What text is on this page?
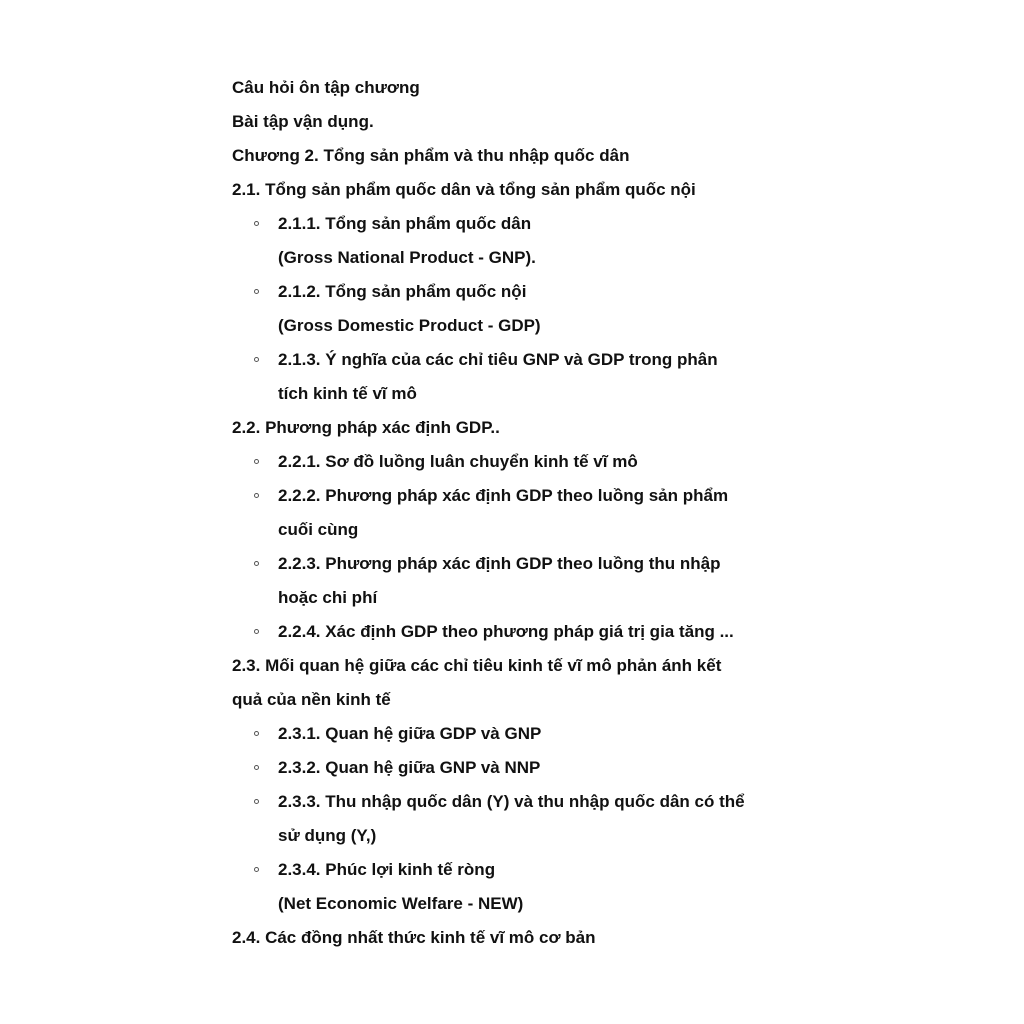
Câu hỏi ôn tập chương
Bài tập vận dụng.
Chương 2. Tổng sản phẩm và thu nhập quốc dân
2.1. Tổng sản phẩm quốc dân và tổng sản phẩm quốc nội
2.1.1. Tổng sản phẩm quốc dân
(Gross National Product - GNP).
2.1.2. Tổng sản phẩm quốc nội
(Gross Domestic Product - GDP)
2.1.3. Ý nghĩa của các chỉ tiêu GNP và GDP trong phân
tích kinh tế vĩ mô
2.2. Phương pháp xác định GDP..
2.2.1. Sơ đồ luồng luân chuyển kinh tế vĩ mô
2.2.2. Phương pháp xác định GDP theo luồng sản phẩm
cuối cùng
2.2.3. Phương pháp xác định GDP theo luồng thu nhập
hoặc chi phí
2.2.4. Xác định GDP theo phương pháp giá trị gia tăng ...
2.3. Mối quan hệ giữa các chỉ tiêu kinh tế vĩ mô phản ánh kết
quả của nền kinh tế
2.3.1. Quan hệ giữa GDP và GNP
2.3.2. Quan hệ giữa GNP và NNP
2.3.3. Thu nhập quốc dân (Y) và thu nhập quốc dân có thể
sử dụng (Y,)
2.3.4. Phúc lợi kinh tế ròng
(Net Economic Welfare - NEW)
2.4. Các đồng nhất thức kinh tế vĩ mô cơ bản
